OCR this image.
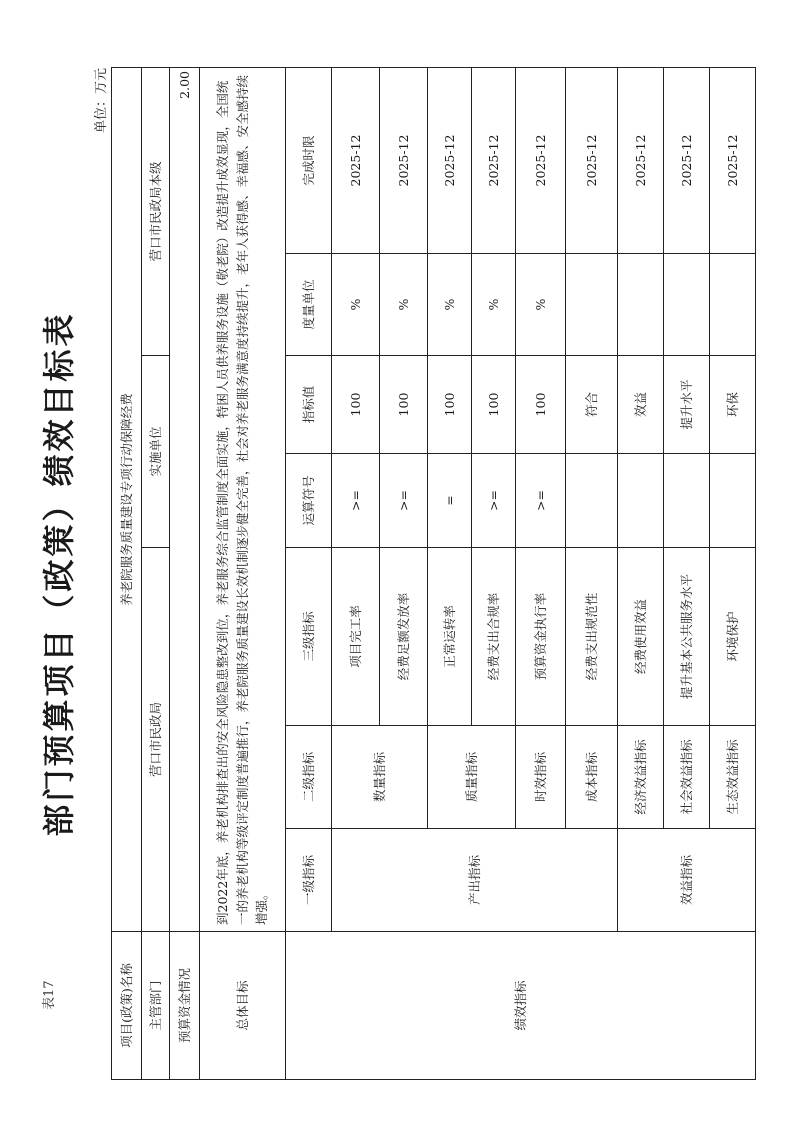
表17
部门预算项目（政策）绩效目标表
单位：万元
项目(政策)名称	养老院服务质量建设专项行动保障经费						
主管部门	营口市民政局			实施单位		营口市民政局本级	
预算资金情况	2.00						
总体目标	到2022年底，养老机构排查出的安全风险隐患整改到位，养老服务综合监管制度全面实施，特困人员供养服务设施（敬老院）改造提升成效显现，全国统一的养老机构等级评定制度普遍推行，养老院服务质量建设长效机制逐步健全完善，社会对养老服务满意度持续提升，老年人获得感、幸福感、安全感持续增强。						
绩效指标	一级指标	二级指标	三级指标	运算符号	指标值	度量单位	完成时限
	产出指标	数量指标	项目完工率	>=	100	%	2025-12
			经费足额发放率	>=	100	%	2025-12
		质量指标	正常运转率	=	100	%	2025-12
			经费支出合规率	>=	100	%	2025-12
		时效指标	预算资金执行率	>=	100	%	2025-12
		成本指标	经费支出规范性		符合		2025-12
	效益指标	经济效益指标	经费使用效益		效益		2025-12
		社会效益指标	提升基本公共服务水平		提升水平		2025-12
		生态效益指标	环境保护		环保		2025-12
